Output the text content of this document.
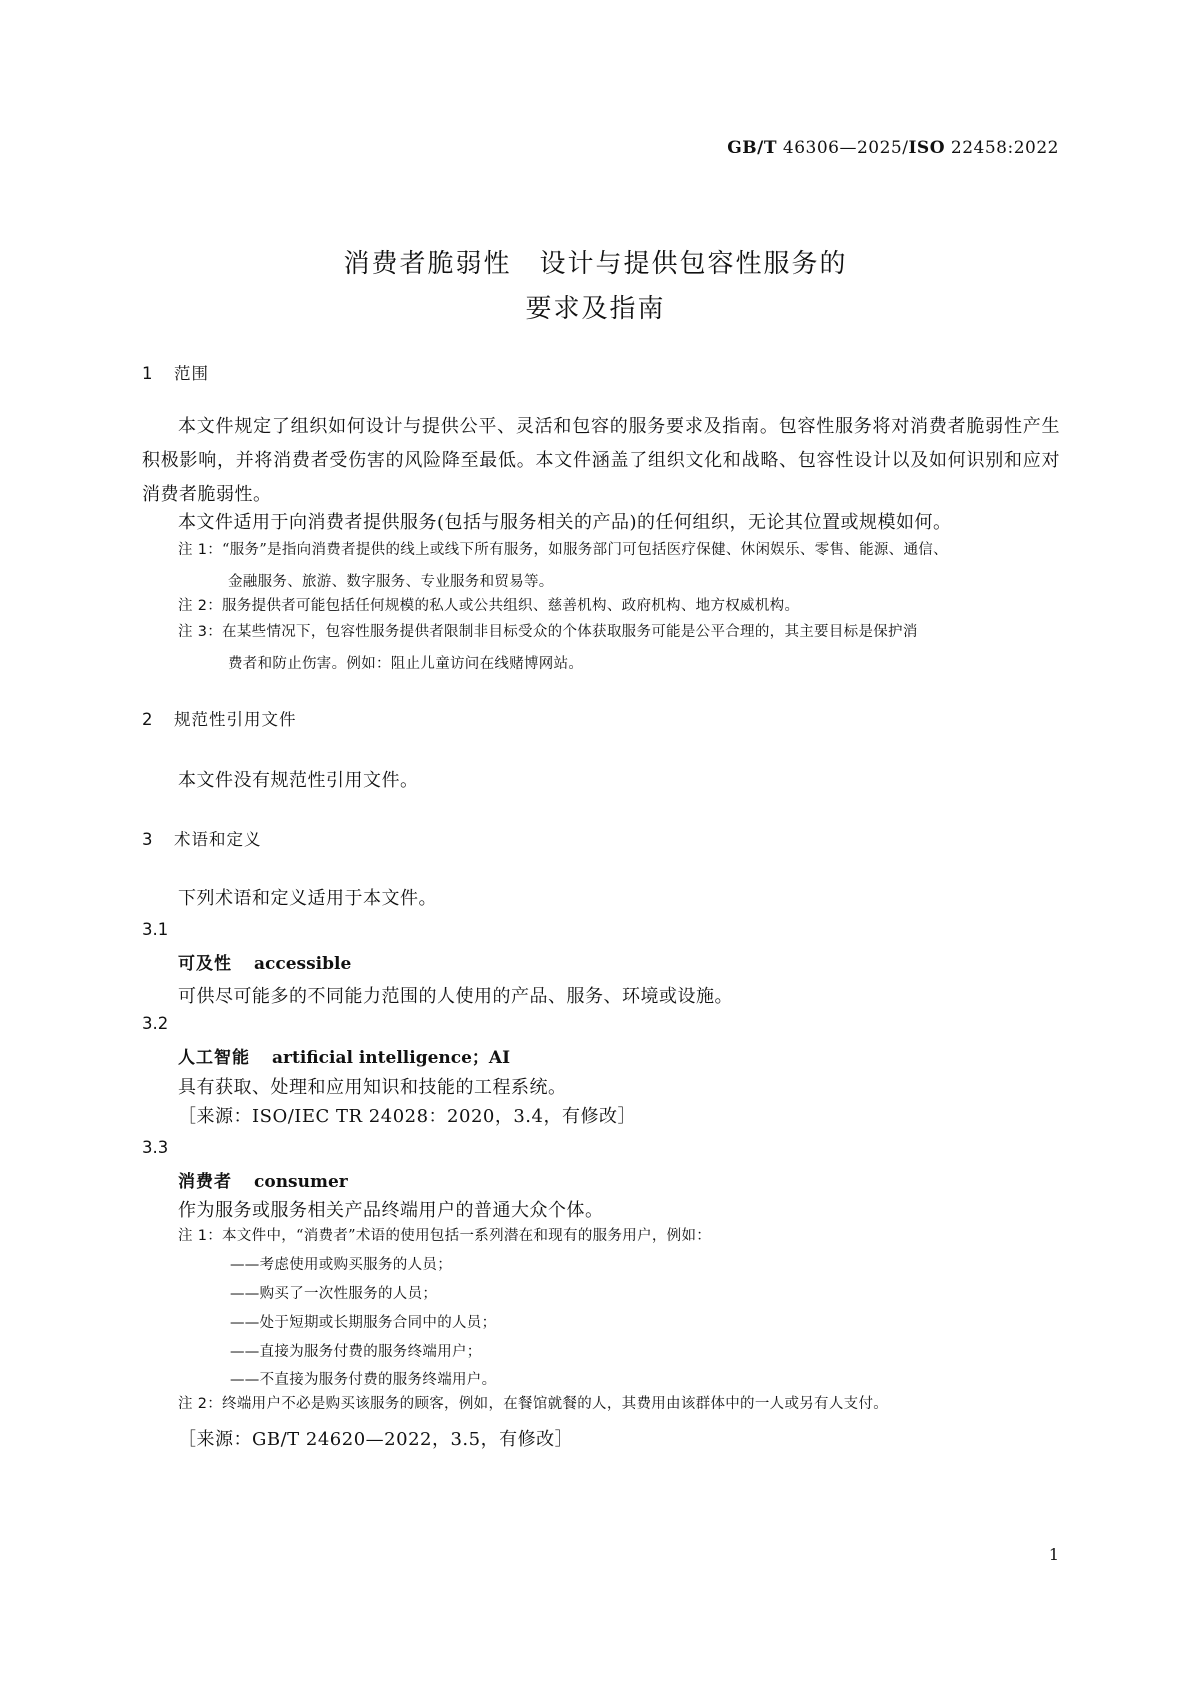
GB/T 46306—2025/ISO 22458:2022
消费者脆弱性　设计与提供包容性服务的
要求及指南
1 范围
本文件规定了组织如何设计与提供公平、灵活和包容的服务要求及指南。包容性服务将对消费者脆弱性产生积极影响，并将消费者受伤害的风险降至最低。本文件涵盖了组织文化和战略、包容性设计以及如何识别和应对消费者脆弱性。
本文件适用于向消费者提供服务(包括与服务相关的产品)的任何组织，无论其位置或规模如何。
注 1：“服务”是指向消费者提供的线上或线下所有服务，如服务部门可包括医疗保健、休闲娱乐、零售、能源、通信、
金融服务、旅游、数字服务、专业服务和贸易等。
注 2：服务提供者可能包括任何规模的私人或公共组织、慈善机构、政府机构、地方权威机构。
注 3：在某些情况下，包容性服务提供者限制非目标受众的个体获取服务可能是公平合理的，其主要目标是保护消
费者和防止伤害。例如：阻止儿童访问在线赌博网站。
2 规范性引用文件
本文件没有规范性引用文件。
3 术语和定义
下列术语和定义适用于本文件。
3.1
可及性 accessible
可供尽可能多的不同能力范围的人使用的产品、服务、环境或设施。
3.2
人工智能 artificial intelligence；AI
具有获取、处理和应用知识和技能的工程系统。
［来源：ISO/IEC TR 24028：2020，3.4，有修改］
3.3
消费者 consumer
作为服务或服务相关产品终端用户的普通大众个体。
注 1：本文件中，“消费者”术语的使用包括一系列潜在和现有的服务用户，例如：
——考虑使用或购买服务的人员；
——购买了一次性服务的人员；
——处于短期或长期服务合同中的人员；
——直接为服务付费的服务终端用户；
——不直接为服务付费的服务终端用户。
注 2：终端用户不必是购买该服务的顾客，例如，在餐馆就餐的人，其费用由该群体中的一人或另有人支付。
［来源：GB/T 24620—2022，3.5，有修改］
1
